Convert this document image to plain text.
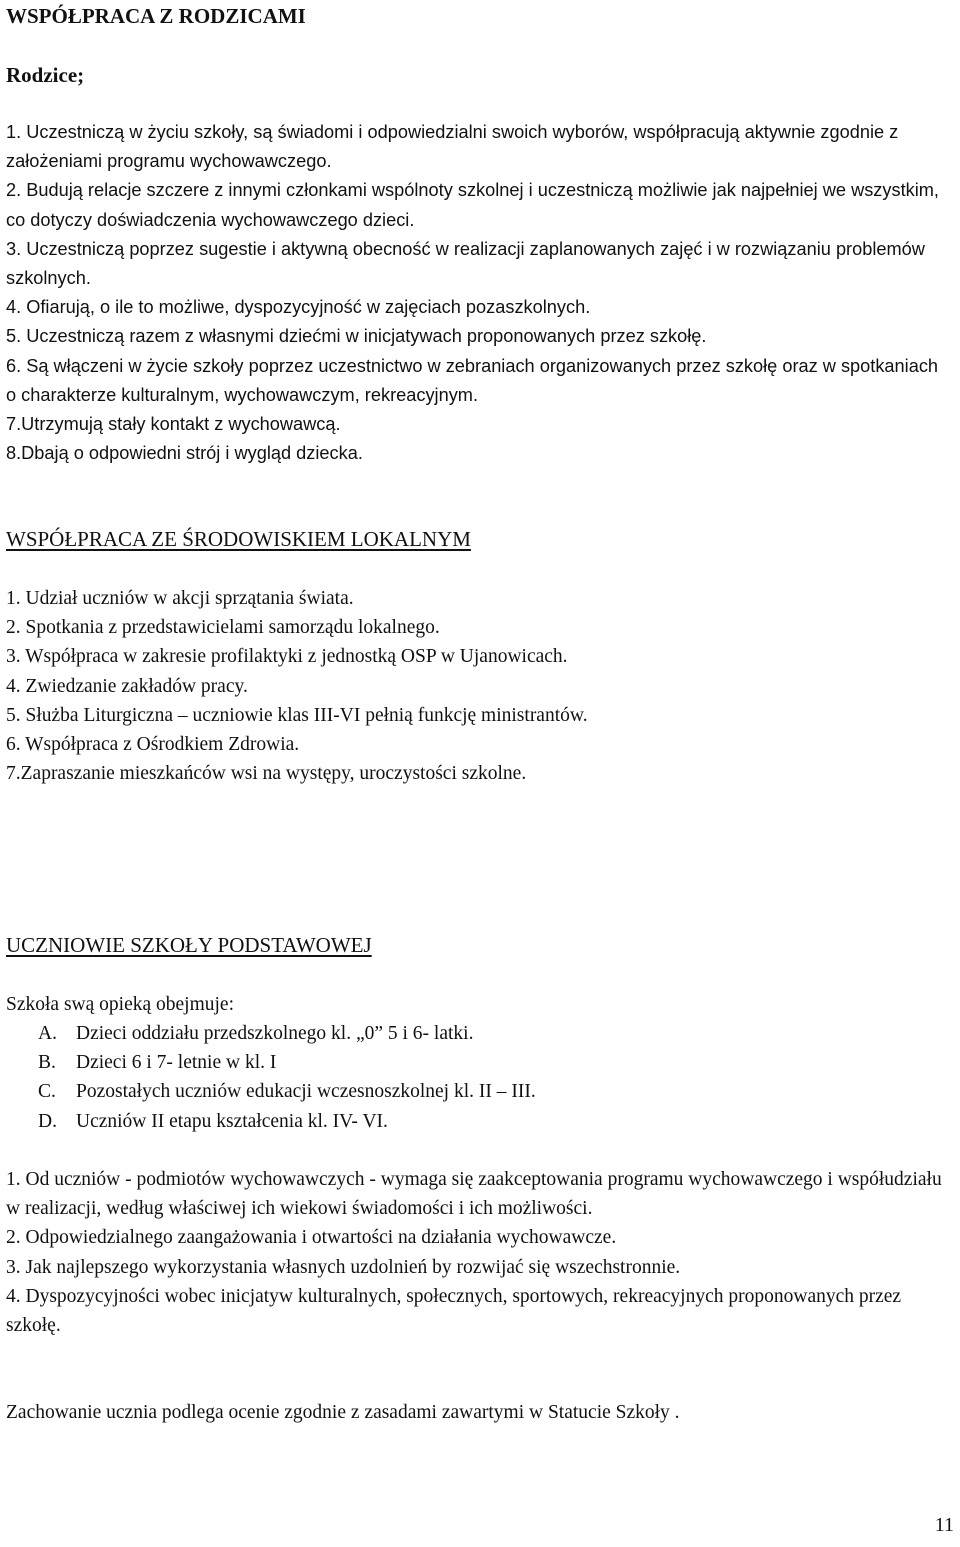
WSPÓŁPRACA Z RODZICAMI
Rodzice;

1. Uczestniczą w życiu szkoły, są świadomi i odpowiedzialni swoich wyborów, współpracują aktywnie zgodnie z założeniami programu wychowawczego.

2. Budują relacje szczere z innymi członkami wspólnoty szkolnej i uczestniczą możliwie jak najpełniej we wszystkim, co dotyczy doświadczenia wychowawczego dzieci.

3. Uczestniczą poprzez sugestie i aktywną obecność w realizacji zaplanowanych zajęć i w rozwiązaniu problemów szkolnych.

4. Ofiarują, o ile to możliwe, dyspozycyjność w zajęciach pozaszkolnych.

5. Uczestniczą razem z własnymi dziećmi w inicjatywach proponowanych przez szkołę.

6. Są włączeni w życie szkoły poprzez uczestnictwo w zebraniach organizowanych przez szkołę oraz w spotkaniach o charakterze kulturalnym, wychowawczym, rekreacyjnym.

7.Utrzymują stały kontakt z wychowawcą.

8.Dbają o odpowiedni strój i wygląd dziecka.

WSPÓŁPRACA ZE ŚRODOWISKIEM LOKALNYM
1. Udział uczniów w akcji sprzątania świata.
2. Spotkania z przedstawicielami samorządu lokalnego.
3. Współpraca w zakresie profilaktyki z jednostką OSP w Ujanowicach.
4. Zwiedzanie zakładów pracy.
5. Służba Liturgiczna – uczniowie klas III-VI pełnią funkcję ministrantów.
6. Współpraca z Ośrodkiem Zdrowia.
7.Zapraszanie mieszkańców wsi na występy, uroczystości szkolne.
UCZNIOWIE SZKOŁY PODSTAWOWEJ

Szkoła swą opieką obejmuje:

A. Dzieci oddziału przedszkolnego kl. „0” 5 i 6- latki.
B. Dzieci 6 i 7- letnie w kl. I
C. Pozostałych uczniów edukacji wczesnoszkolnej kl. II – III.
D. Uczniów II etapu kształcenia kl. IV- VI.

1. Od uczniów - podmiotów wychowawczych - wymaga się zaakceptowania programu wychowawczego i współudziału w realizacji, według właściwej ich wiekowi świadomości i ich możliwości.

2. Odpowiedzialnego zaangażowania i otwartości na działania wychowawcze.

3. Jak najlepszego wykorzystania własnych uzdolnień by rozwijać się wszechstronnie.

4. Dyspozycyjności wobec inicjatyw kulturalnych, społecznych, sportowych, rekreacyjnych proponowanych przez szkołę.

Zachowanie ucznia podlega ocenie zgodnie z zasadami zawartymi w Statucie Szkoły .

11
